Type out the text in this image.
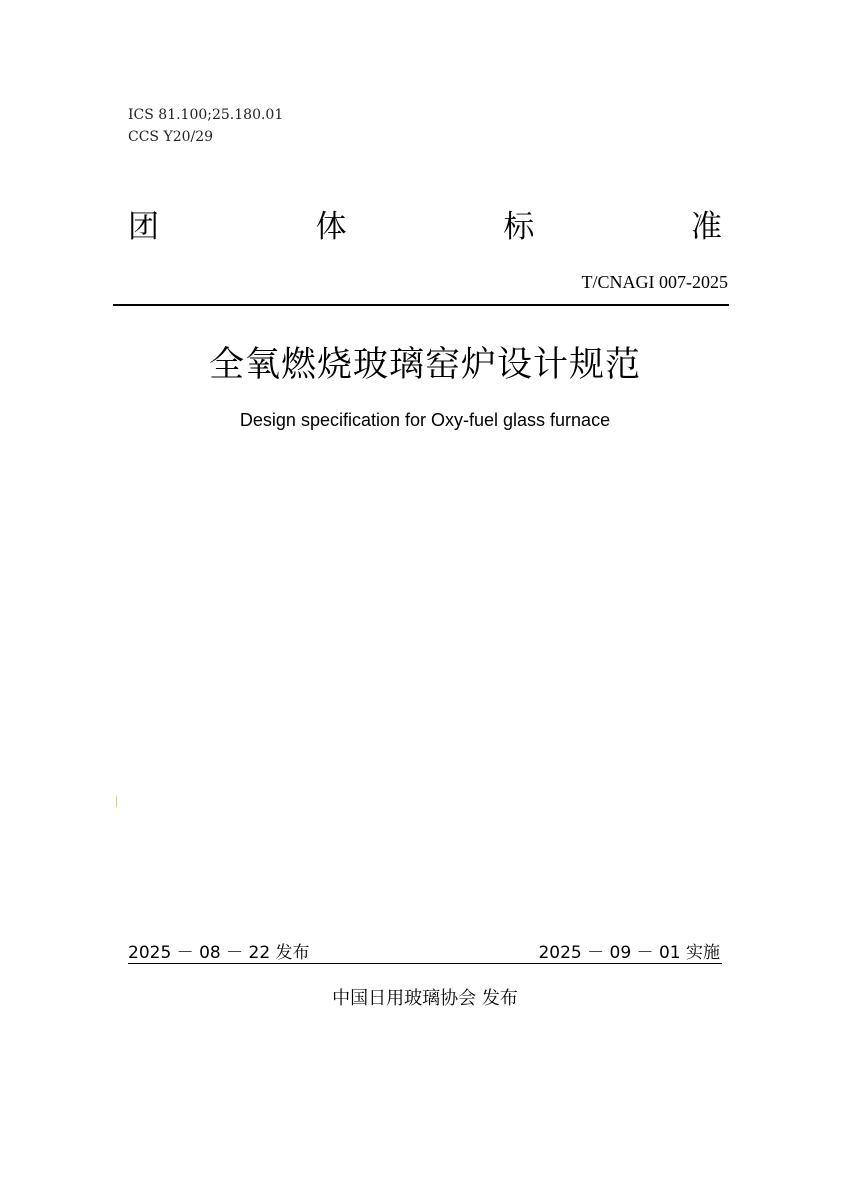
ICS 81.100;25.180.01
CCS Y20/29
团	体	标	准
T/CNAGI 007-2025
全氧燃烧玻璃窑炉设计规范
Design specification for Oxy-fuel glass furnace
2025 － 08 － 22 发布	2025 － 09 － 01 实施
中国日用玻璃协会 发布
